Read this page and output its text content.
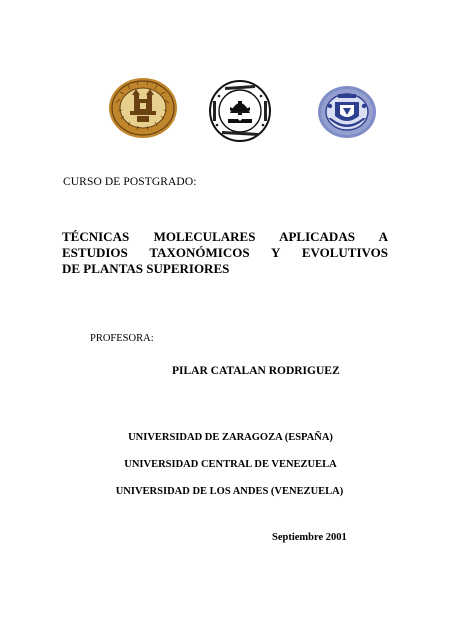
CURSO DE POSTGRADO:
TÉCNICAS MOLECULARES APLICADAS A
ESTUDIOS TAXONÓMICOS Y EVOLUTIVOS
DE PLANTAS SUPERIORES
PROFESORA:
PILAR CATALAN RODRIGUEZ
UNIVERSIDAD DE ZARAGOZA (ESPAÑA)
UNIVERSIDAD CENTRAL DE VENEZUELA
UNIVERSIDAD DE LOS ANDES (VENEZUELA)
Septiembre 2001
